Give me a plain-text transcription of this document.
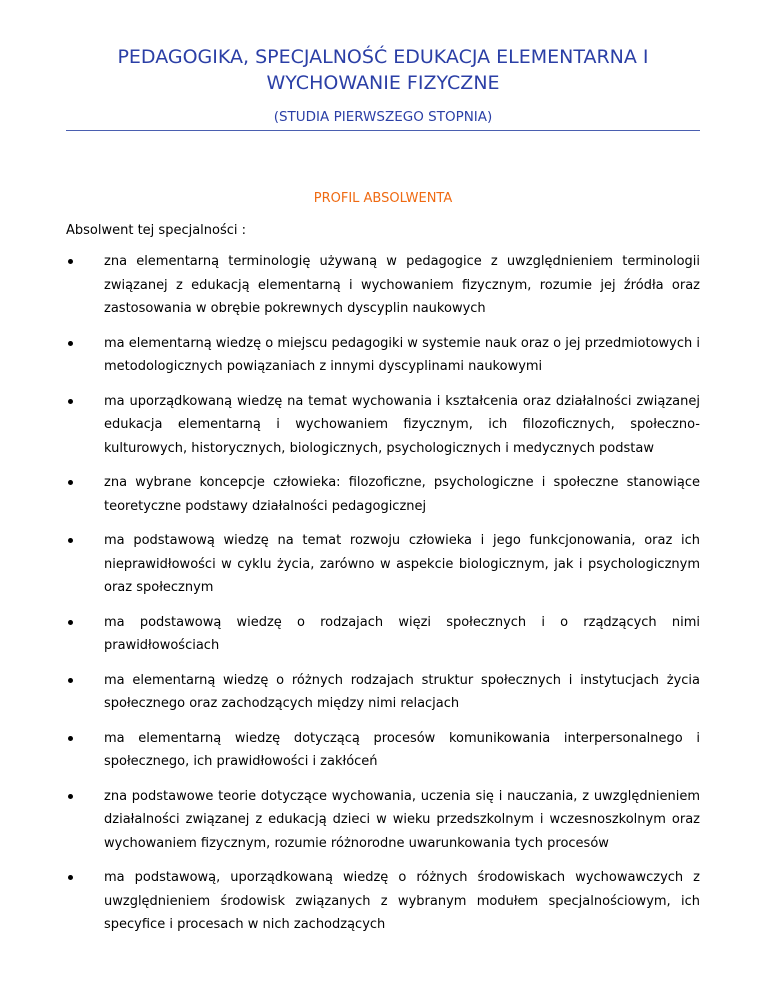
PEDAGOGIKA, SPECJALNOŚĆ EDUKACJA ELEMENTARNA I
WYCHOWANIE FIZYCZNE
(STUDIA PIERWSZEGO STOPNIA)
PROFIL ABSOLWENTA
Absolwent tej specjalności :
zna elementarną terminologię używaną w pedagogice z uwzględnieniem terminologii związanej z edukacją elementarną i wychowaniem fizycznym, rozumie jej źródła oraz zastosowania w obrębie pokrewnych dyscyplin naukowych
ma elementarną wiedzę o miejscu pedagogiki w systemie nauk oraz o jej przedmiotowych i metodologicznych powiązaniach z innymi dyscyplinami naukowymi
ma uporządkowaną wiedzę na temat wychowania i kształcenia oraz działalności związanej edukacja elementarną i wychowaniem fizycznym, ich filozoficznych, społeczno-kulturowych, historycznych, biologicznych, psychologicznych i medycznych podstaw
zna wybrane koncepcje człowieka: filozoficzne, psychologiczne i społeczne stanowiące teoretyczne podstawy działalności pedagogicznej
ma podstawową wiedzę na temat rozwoju człowieka i jego funkcjonowania, oraz ich nieprawidłowości w cyklu życia, zarówno w aspekcie biologicznym, jak i psychologicznym oraz społecznym
ma podstawową wiedzę o rodzajach więzi społecznych i o rządzących nimi prawidłowościach
ma elementarną wiedzę o różnych rodzajach struktur społecznych i instytucjach życia społecznego oraz zachodzących między nimi relacjach
ma elementarną wiedzę dotyczącą procesów komunikowania interpersonalnego i społecznego, ich prawidłowości i zakłóceń
zna podstawowe teorie dotyczące wychowania, uczenia się i nauczania, z uwzględnieniem działalności związanej z edukacją dzieci w wieku przedszkolnym i wczesnoszkolnym oraz wychowaniem fizycznym, rozumie różnorodne uwarunkowania tych procesów
ma podstawową, uporządkowaną wiedzę o różnych środowiskach wychowawczych z uwzględnieniem środowisk związanych z wybranym modułem specjalnościowym, ich specyfice i procesach w nich zachodzących
